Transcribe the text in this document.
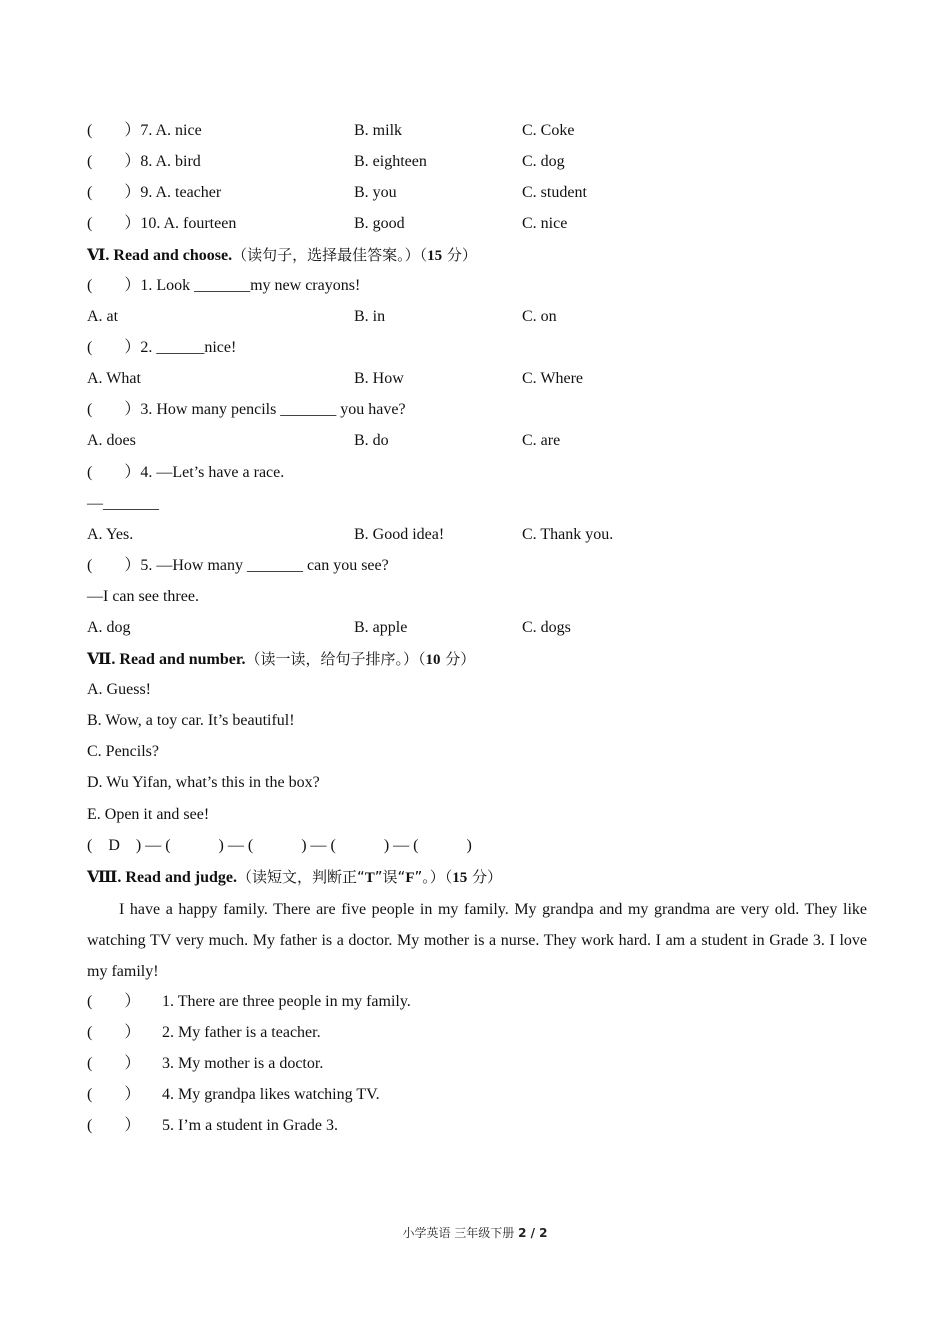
(　　）7. A. nice	B. milk	C. Coke
(　　）8. A. bird	B. eighteen	C. dog
(　　）9. A. teacher	B. you	C. student
(　　）10. A. fourteen	B. good	C. nice
Ⅵ. Read and choose.（读句子，选择最佳答案。）（15 分）
(　　）1. Look _______my new crayons!
A. at	B. in	C. on
(　　）2. ______nice!
A. What	B. How	C. Where
(　　）3. How many pencils _______ you have?
A. does	B. do	C. are
(　　）4. —Let’s have a race.
—_______
A. Yes.	B. Good idea!	C. Thank you.
(　　）5. —How many _______ can you see?
—I can see three.
A. dog	B. apple	C. dogs
Ⅶ. Read and number.（读一读，给句子排序。）（10 分）
A. Guess!
B. Wow, a toy car. It’s beautiful!
C. Pencils?
D. Wu Yifan, what’s this in the box?
E. Open it and see!
(　D　) — (　　　) — (　　　) — (　　　) — (　　　)
Ⅷ. Read and judge.（读短文，判断正“T”误“F”。）（15 分）
I have a happy family. There are five people in my family. My grandpa and my grandma are very old. They like watching TV very much. My father is a doctor. My mother is a nurse. They work hard. I am a student in Grade 3. I love my family!
(　　） 1. There are three people in my family.
(　　） 2. My father is a teacher.
(　　） 3. My mother is a doctor.
(　　） 4. My grandpa likes watching TV.
(　　） 5. I’m a student in Grade 3.
小学英语 三年级下册 2 / 2
